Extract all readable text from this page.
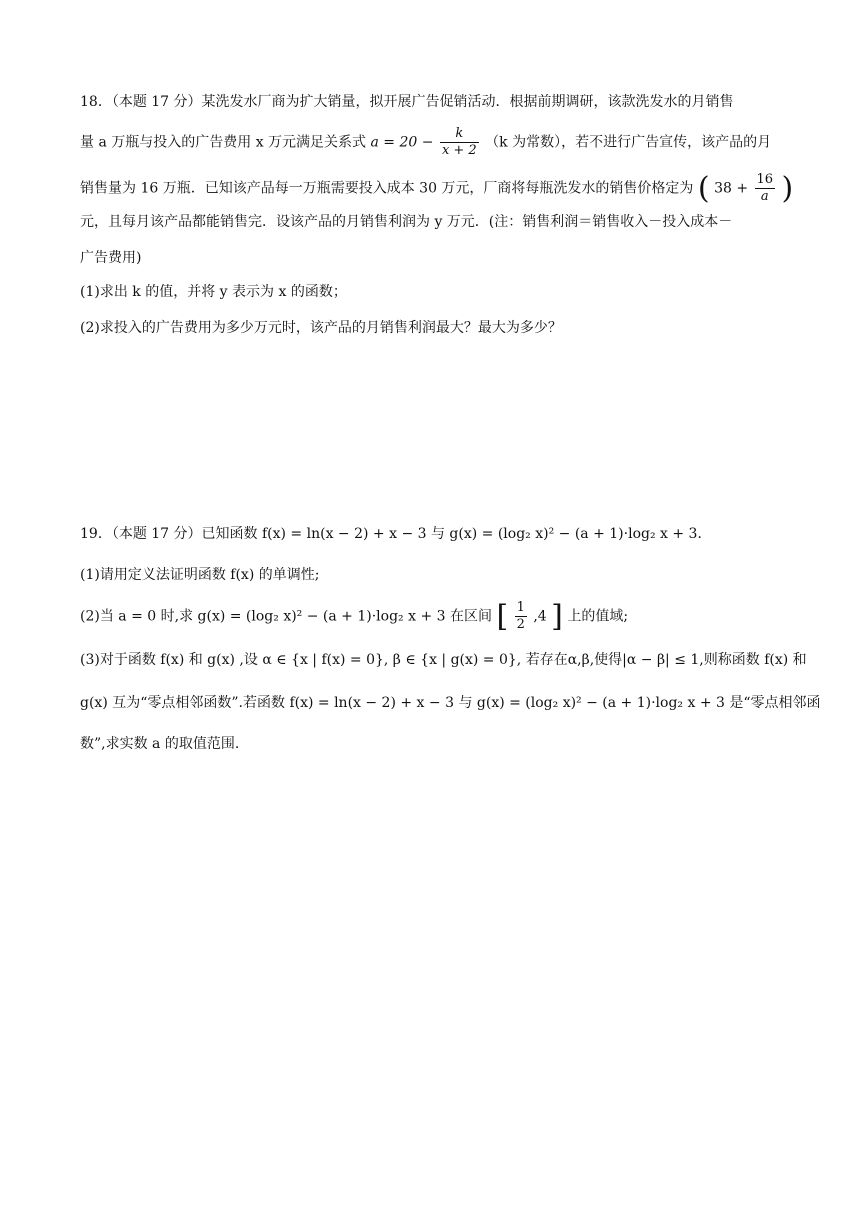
18．（本题 17 分）某洗发水厂商为扩大销量，拟开展广告促销活动．根据前期调研，该款洗发水的月销售
量 a 万瓶与投入的广告费用 x 万元满足关系式 $a = 20 - \frac{k}{x + 2} (k$ 为常数），若不进行广告宣传，该产品的月
销售量为 16 万瓶．已知该产品每一万瓶需要投入成本 30 万元，厂商将每瓶洗发水的销售价格定为 ( $38 + \frac{16}{a}$ )
元，且每月该产品都能销售完．设该产品的月销售利润为 y 万元．(注：销售利润＝销售收入－投入成本－
广告费用)
(1)求出 k 的值，并将 y 表示为 x 的函数；
(2)求投入的广告费用为多少万元时，该产品的月销售利润最大？最大为多少？
19．（本题 17 分）已知函数 f(x) = ln(x − 2) + x − 3 与 g(x) = (log₂ x)² − (a + 1)·log₂ x + 3．
(1)请用定义法证明函数 f(x) 的单调性;
(2)当 a = 0 时,求 g(x) = (log₂ x)² − (a + 1)·log₂ x + 3 在区间 [ $\frac{1}{2} ,4$ ] 上的值域;
(3)对于函数 f(x) 和 g(x) ,设 α ∈ {x | f(x) = 0}, β ∈ {x | g(x) = 0}, 若存在α,β,使得|α − β| ≤ 1,则称函数 f(x) 和
g(x) 互为“零点相邻函数”.若函数 f(x) = ln(x − 2) + x − 3 与 g(x) = (log₂ x)² − (a + 1)·log₂ x + 3 是“零点相邻函
数”,求实数 a 的取值范围.
